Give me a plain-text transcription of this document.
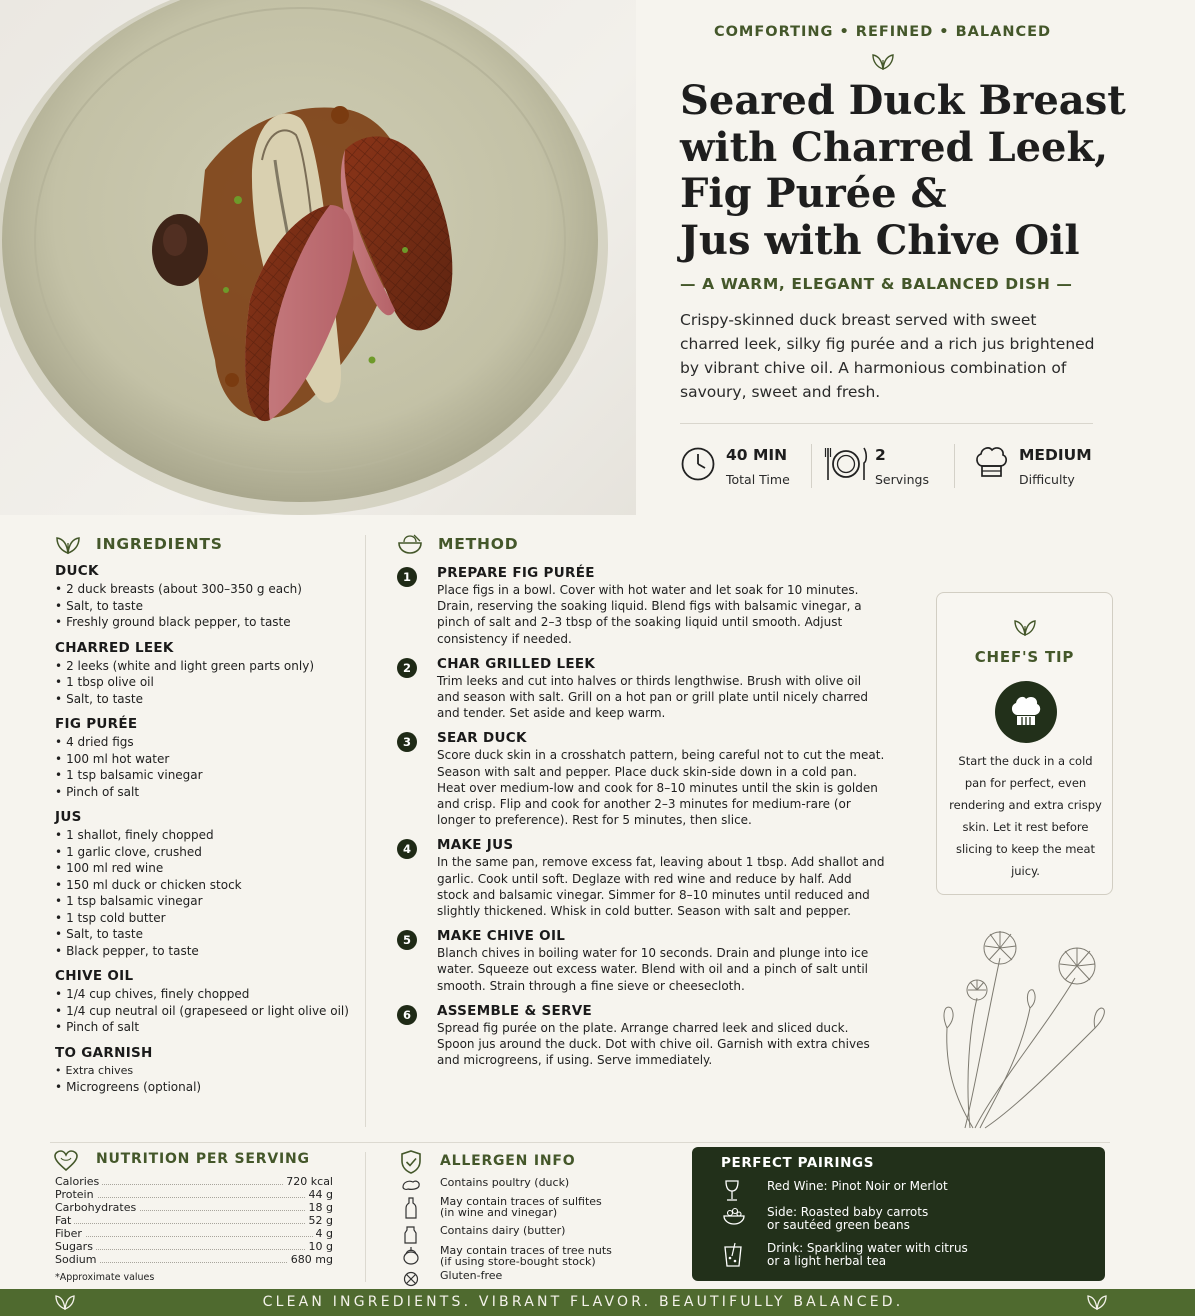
COMFORTING • REFINED • BALANCED
Seared Duck Breast
with Charred Leek,
Fig Purée &
Jus with Chive Oil
— A WARM, ELEGANT & BALANCED DISH —
Crispy-skinned duck breast served with sweet charred leek, silky fig purée and a rich jus brightened by vibrant chive oil. A harmonious combination of savoury, sweet and fresh.
40 MIN
Total Time
2
Servings
MEDIUM
Difficulty
INGREDIENTS
DUCK
• 2 duck breasts (about 300–350 g each)
• Salt, to taste
• Freshly ground black pepper, to taste
CHARRED LEEK
• 2 leeks (white and light green parts only)
• 1 tbsp olive oil
• Salt, to taste
FIG PURÉE
• 4 dried figs
• 100 ml hot water
• 1 tsp balsamic vinegar
• Pinch of salt
JUS
• 1 shallot, finely chopped
• 1 garlic clove, crushed
• 100 ml red wine
• 150 ml duck or chicken stock
• 1 tsp balsamic vinegar
• 1 tsp cold butter
• Salt, to taste
• Black pepper, to taste
CHIVE OIL
• 1/4 cup chives, finely chopped
• 1/4 cup neutral oil (grapeseed or light olive oil)
• Pinch of salt
TO GARNISH
• Extra chives
• Microgreens (optional)
METHOD
1	PREPARE FIG PURÉE

Place figs in a bowl. Cover with hot water and let soak for 10 minutes. Drain, reserving the soaking liquid. Blend figs with balsamic vinegar, a pinch of salt and 2–3 tbsp of the soaking liquid until smooth. Adjust consistency if needed.

2	CHAR GRILLED LEEK

Trim leeks and cut into halves or thirds lengthwise. Brush with olive oil and season with salt. Grill on a hot pan or grill plate until nicely charred and tender. Set aside and keep warm.

3	SEAR DUCK

Score duck skin in a crosshatch pattern, being careful not to cut the meat. Season with salt and pepper. Place duck skin-side down in a cold pan. Heat over medium-low and cook for 8–10 minutes until the skin is golden and crisp. Flip and cook for another 2–3 minutes for medium-rare (or longer to preference). Rest for 5 minutes, then slice.

4	MAKE JUS

In the same pan, remove excess fat, leaving about 1 tbsp. Add shallot and garlic. Cook until soft. Deglaze with red wine and reduce by half. Add stock and balsamic vinegar. Simmer for 8–10 minutes until reduced and slightly thickened. Whisk in cold butter. Season with salt and pepper.

5	MAKE CHIVE OIL

Blanch chives in boiling water for 10 seconds. Drain and plunge into ice water. Squeeze out excess water. Blend with oil and a pinch of salt until smooth. Strain through a fine sieve or cheesecloth.

6	ASSEMBLE & SERVE

Spread fig purée on the plate. Arrange charred leek and sliced duck. Spoon jus around the duck. Dot with chive oil. Garnish with extra chives and microgreens, if using. Serve immediately.

CHEF'S TIP
Start the duck in a cold pan for perfect, even rendering and extra crispy skin. Let it rest before slicing to keep the meat juicy.
NUTRITION PER SERVING
Calories	720 kcal
Protein	44 g
Carbohydrates	18 g
Fat	52 g
Fiber	4 g
Sugars	10 g
Sodium	680 mg
*Approximate values
ALLERGEN INFO
Contains poultry (duck)
May contain traces of sulfites
(in wine and vinegar)
Contains dairy (butter)
May contain traces of tree nuts
(if using store-bought stock)
Gluten-free
PERFECT PAIRINGS
Red Wine: Pinot Noir or Merlot
Side: Roasted baby carrots
or sautéed green beans
Drink: Sparkling water with citrus
or a light herbal tea
CLEAN INGREDIENTS. VIBRANT FLAVOR. BEAUTIFULLY BALANCED.
